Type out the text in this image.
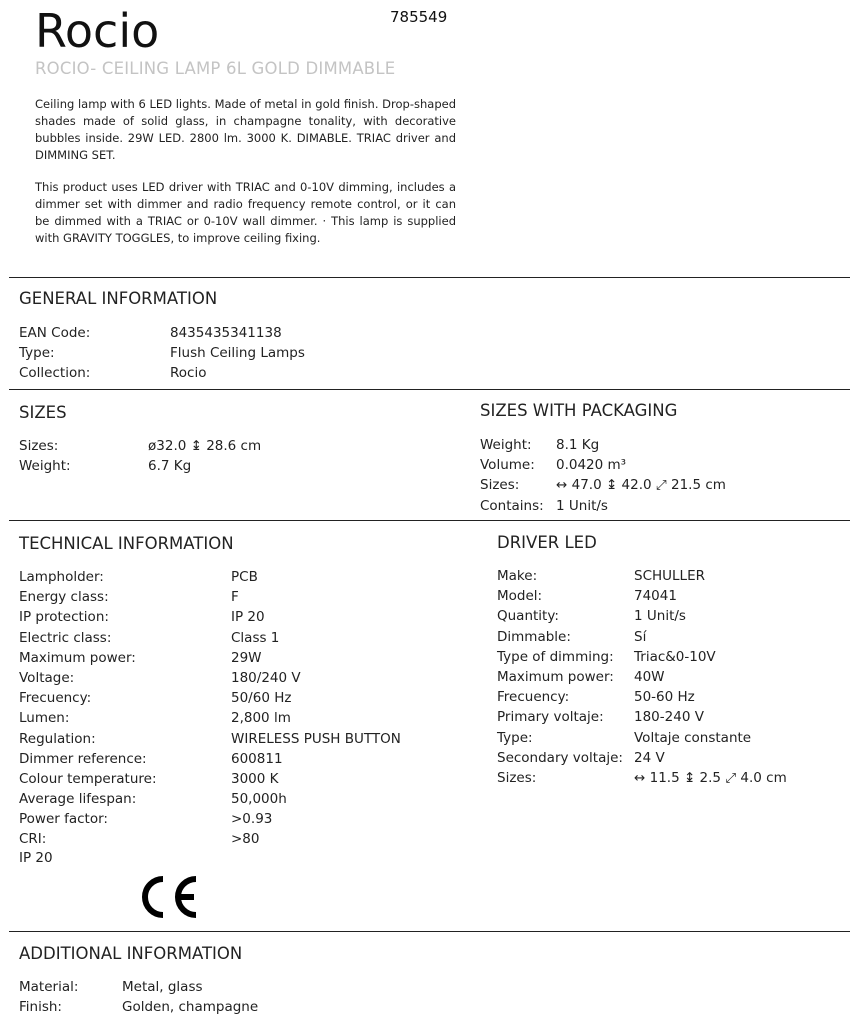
Rocio	785549
ROCIO- CEILING LAMP 6L GOLD DIMMABLE

Ceiling lamp with 6 LED lights. Made of metal in gold finish. Drop-shaped shades made of solid glass, in champagne tonality, with decorative bubbles inside. 29W LED. 2800 lm. 3000 K. DIMABLE. TRIAC driver and DIMMING SET.

This product uses LED driver with TRIAC and 0-10V dimming, includes a dimmer set with dimmer and radio frequency remote control, or it can be dimmed with a TRIAC or 0-10V wall dimmer. · This lamp is supplied with GRAVITY TOGGLES, to improve ceiling fixing.

GENERAL INFORMATION
EAN Code:	8435435341138
Type:	Flush Ceiling Lamps
Collection:	Rocio
SIZES
Sizes:	ø32.0 ↨ 28.6 cm
Weight:	6.7 Kg
SIZES WITH PACKAGING
Weight:	8.1 Kg
Volume:	0.0420 m³
Sizes:	↔ 47.0 ↨ 42.0 ⤢ 21.5 cm
Contains: 1 Unit/s
TECHNICAL INFORMATION
Lampholder:	PCB
Energy class:	F
IP protection:	IP 20
Electric class:	Class 1
Maximum power:	29W
Voltage:	180/240 V
Frecuency:	50/60 Hz
Lumen:	2,800 lm
Regulation:	WIRELESS PUSH BUTTON
Dimmer reference:	600811
Colour temperature:	3000 K
Average lifespan:	50,000h
Power factor:	>0.93
CRI:	>80
IP 20
DRIVER LED
Make:	SCHULLER
Model:	74041
Quantity:	1 Unit/s
Dimmable:	Sí
Type of dimming:	Triac&0-10V
Maximum power:	40W
Frecuency:	50-60 Hz
Primary voltaje:	180-240 V
Type:	Voltaje constante
Secondary voltaje: 24 V
Sizes:	↔ 11.5 ↨ 2.5 ⤢ 4.0 cm
ADDITIONAL INFORMATION
Material:	Metal, glass
Finish:	Golden, champagne
